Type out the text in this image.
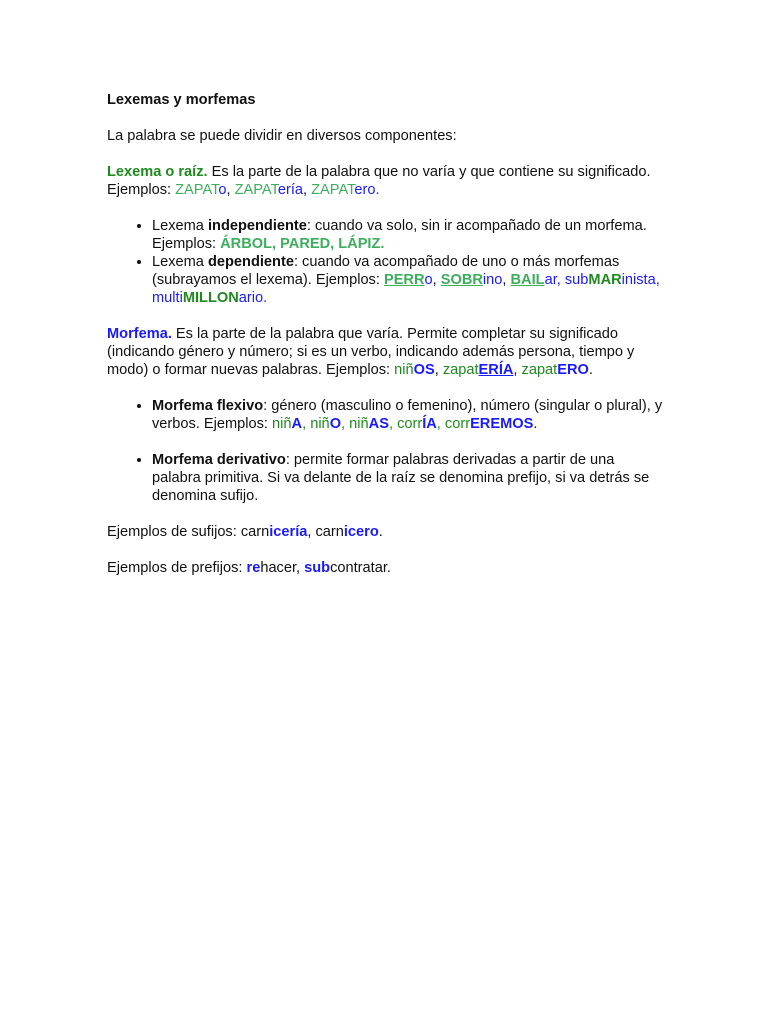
Lexemas y morfemas

La palabra se puede dividir en diversos componentes:

Lexema o raíz. Es la parte de la palabra que no varía y que contiene su significado. Ejemplos: ZAPATo, ZAPATería, ZAPATero.

• Lexema independiente: cuando va solo, sin ir acompañado de un morfema. Ejemplos: ÁRBOL, PARED, LÁPIZ.
• Lexema dependiente: cuando va acompañado de uno o más morfemas (subrayamos el lexema). Ejemplos: PERRo, SOBRino, BAILar, subMARinista, multiMILLONario.

Morfema. Es la parte de la palabra que varía. Permite completar su significado (indicando género y número; si es un verbo, indicando además persona, tiempo y modo) o formar nuevas palabras. Ejemplos: niñOS, zapatERÍA, zapatERO.

• Morfema flexivo: género (masculino o femenino), número (singular o plural), y verbos. Ejemplos: niñA, niñO, niñAS, corrÍA, corrEREMOS.
• Morfema derivativo: permite formar palabras derivadas a partir de una palabra primitiva. Si va delante de la raíz se denomina prefijo, si va detrás se denomina sufijo.

Ejemplos de sufijos: carnicería, carnicero.

Ejemplos de prefijos: rehacer, subcontratar.
